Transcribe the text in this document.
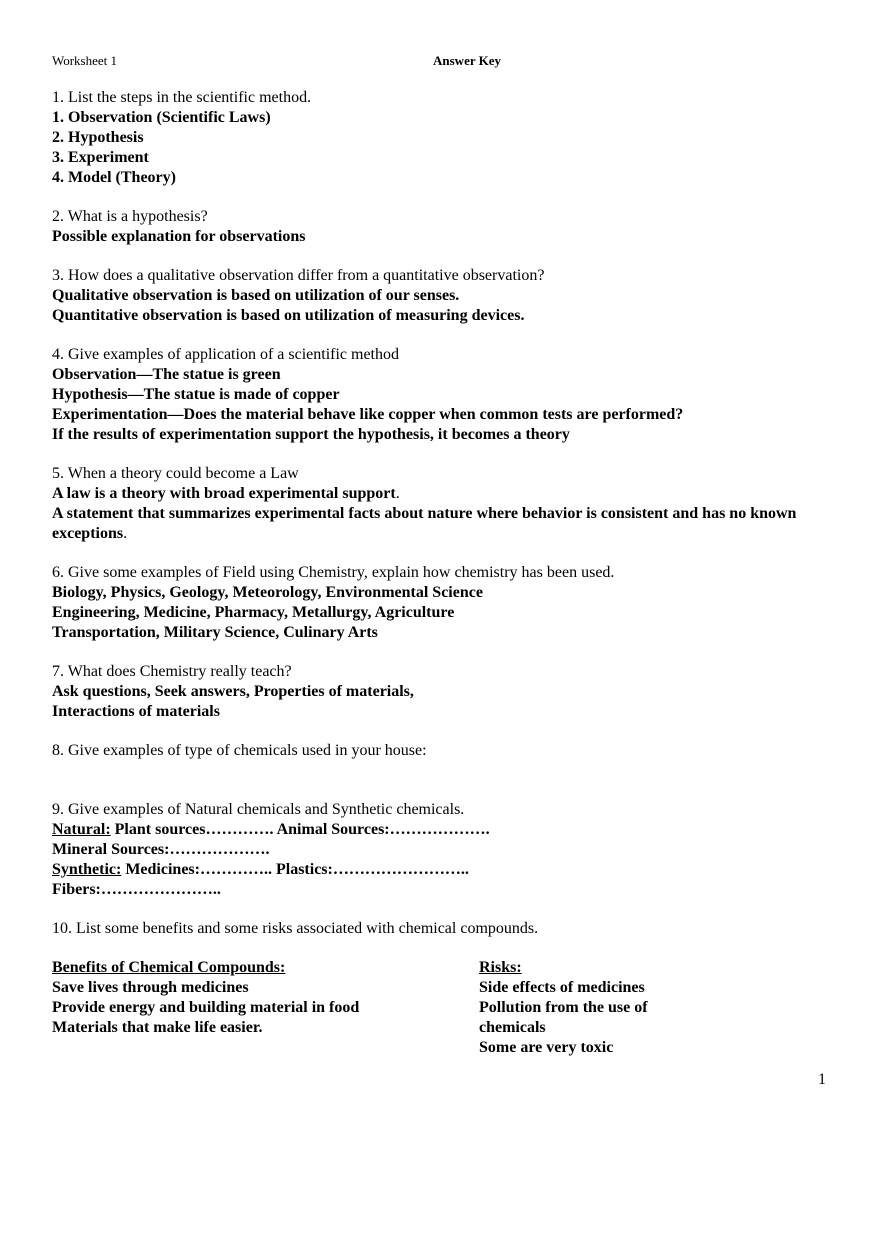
Worksheet 1	Answer Key
1. List the steps in the scientific method.
1. Observation (Scientific Laws)
2. Hypothesis
3. Experiment
4. Model (Theory)
2. What is a hypothesis?
Possible explanation for observations
3. How does a qualitative observation differ from a quantitative observation?
Qualitative observation is based on utilization of our senses.
Quantitative observation is based on utilization of measuring devices.
4. Give examples of application of a scientific method
Observation—The statue is green
Hypothesis—The statue is made of copper
Experimentation—Does the material behave like copper when common tests are performed?
If the results of experimentation support the hypothesis, it becomes a theory
5. When a theory could become a Law
A law is a theory with broad experimental support.
A statement that summarizes experimental facts about nature where behavior is consistent and has no known exceptions.
6. Give some examples of Field using Chemistry, explain how chemistry has been used.
Biology, Physics, Geology, Meteorology, Environmental Science
Engineering, Medicine, Pharmacy, Metallurgy, Agriculture
Transportation, Military Science, Culinary Arts
7. What does Chemistry really teach?
Ask questions, Seek answers, Properties of materials,
Interactions of materials
8. Give examples of type of chemicals used in your house:
9. Give examples of Natural chemicals and Synthetic chemicals.
Natural: Plant sources…………. Animal Sources:……………….
Mineral Sources:……………….
Synthetic: Medicines:………….. Plastics:……………………..
Fibers:…………………..
10. List some benefits and some risks associated with chemical compounds.
Benefits of Chemical Compounds:
Save lives through medicines
Provide energy and building material in food
Materials that make life easier.
Risks:
Side effects of medicines
Pollution from the use of chemicals
Some are very toxic
1
